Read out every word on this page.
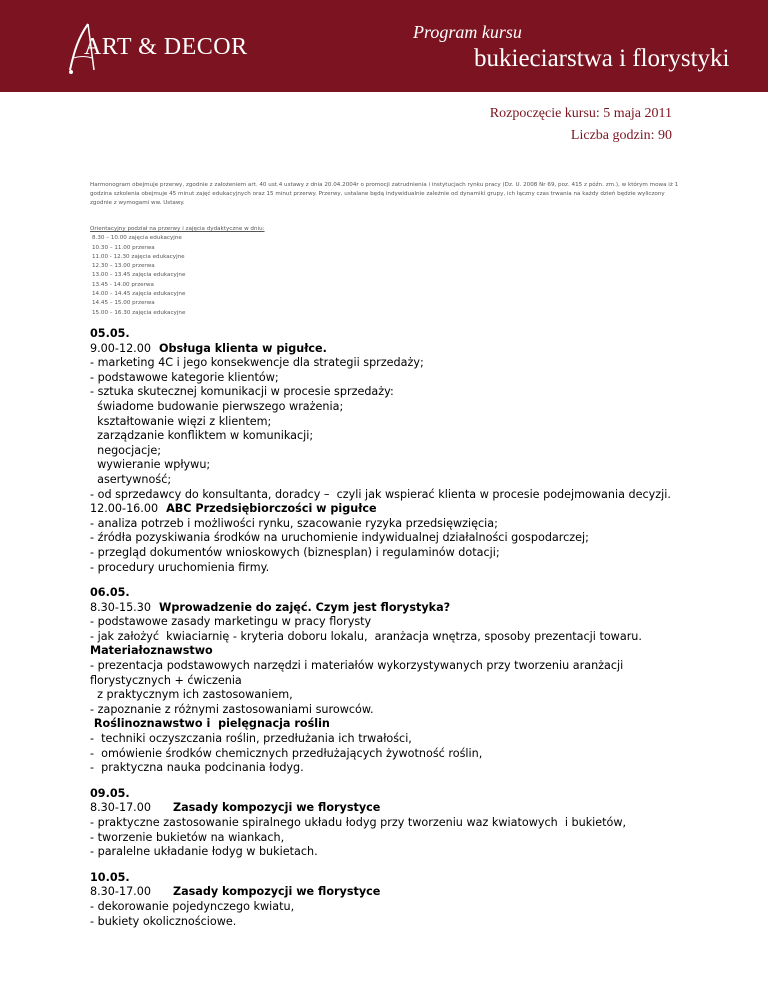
ART & DECOR
Program kursu
bukieciarstwa i florystyki
Rozpoczęcie kursu: 5 maja 2011
Liczba godzin: 90
Harmonogram obejmuje przerwy, zgodnie z założeniem art. 40 ust.4 ustawy z dnia 20.04.2004r o promocji zatrudnienia i instytucjach rynku pracy (Dz. U. 2008 Nr 69, poz. 415 z późn. zm.), w którym mowa iż 1 godzina szkolenia obejmuje 45 minut zajęć edukacyjnych oraz 15 minut przerwy. Przerwy, ustalane będą indywidualnie zależnie od dynamiki grupy, ich łączny czas trwania na każdy dzień będzie wyliczony zgodnie z wymogami ww. Ustawy.
Orientacyjny podział na przerwy i zajęcia dydaktyczne w dniu:
8.30 – 10.00 zajęcia edukacyjne
10.30 – 11.00 przerwa
11.00 - 12.30 zajęcia edukacyjne
12.30 – 13.00 przerwa
13.00 – 13.45 zajęcia edukacyjne
13.45 - 14.00 przerwa
14.00 – 14.45 zajęcia edukacyjne
14.45 – 15.00 przerwa
15.00 – 16.30 zajęcia edukacyjne
05.05.
9.00-12.00 Obsługa klienta w pigułce.
- marketing 4C i jego konsekwencje dla strategii sprzedaży;
- podstawowe kategorie klientów;
- sztuka skutecznej komunikacji w procesie sprzedaży:
świadome budowanie pierwszego wrażenia;
kształtowanie więzi z klientem;
zarządzanie konfliktem w komunikacji;
negocjacje;
wywieranie wpływu;
asertywność;
- od sprzedawcy do konsultanta, doradcy –  czyli jak wspierać klienta w procesie podejmowania decyzji.
12.00-16.00 ABC Przedsiębiorczości w pigułce
- analiza potrzeb i możliwości rynku, szacowanie ryzyka przedsięwzięcia;
- źródła pozyskiwania środków na uruchomienie indywidualnej działalności gospodarczej;
- przegląd dokumentów wnioskowych (biznesplan) i regulaminów dotacji;
- procedury uruchomienia firmy.
06.05.
8.30-15.30 Wprowadzenie do zajęć. Czym jest florystyka?
- podstawowe zasady marketingu w pracy florysty
- jak założyć  kwiaciarnię - kryteria doboru lokalu,  aranżacja wnętrza, sposoby prezentacji towaru.
Materiałoznawstwo
- prezentacja podstawowych narzędzi i materiałów wykorzystywanych przy tworzeniu aranżacji florystycznych + ćwiczenia
z praktycznym ich zastosowaniem,
- zapoznanie z różnymi zastosowaniami surowców.
Roślinoznawstwo i  pielęgnacja roślin
-  techniki oczyszczania roślin, przedłużania ich trwałości,
-  omówienie środków chemicznych przedłużających żywotność roślin,
-  praktyczna nauka podcinania łodyg.
09.05.
8.30-17.00 Zasady kompozycji we florystyce
- praktyczne zastosowanie spiralnego układu łodyg przy tworzeniu waz kwiatowych  i bukietów,
- tworzenie bukietów na wiankach,
- paralelne układanie łodyg w bukietach.
10.05.
8.30-17.00 Zasady kompozycji we florystyce
- dekorowanie pojedynczego kwiatu,
- bukiety okolicznościowe.
